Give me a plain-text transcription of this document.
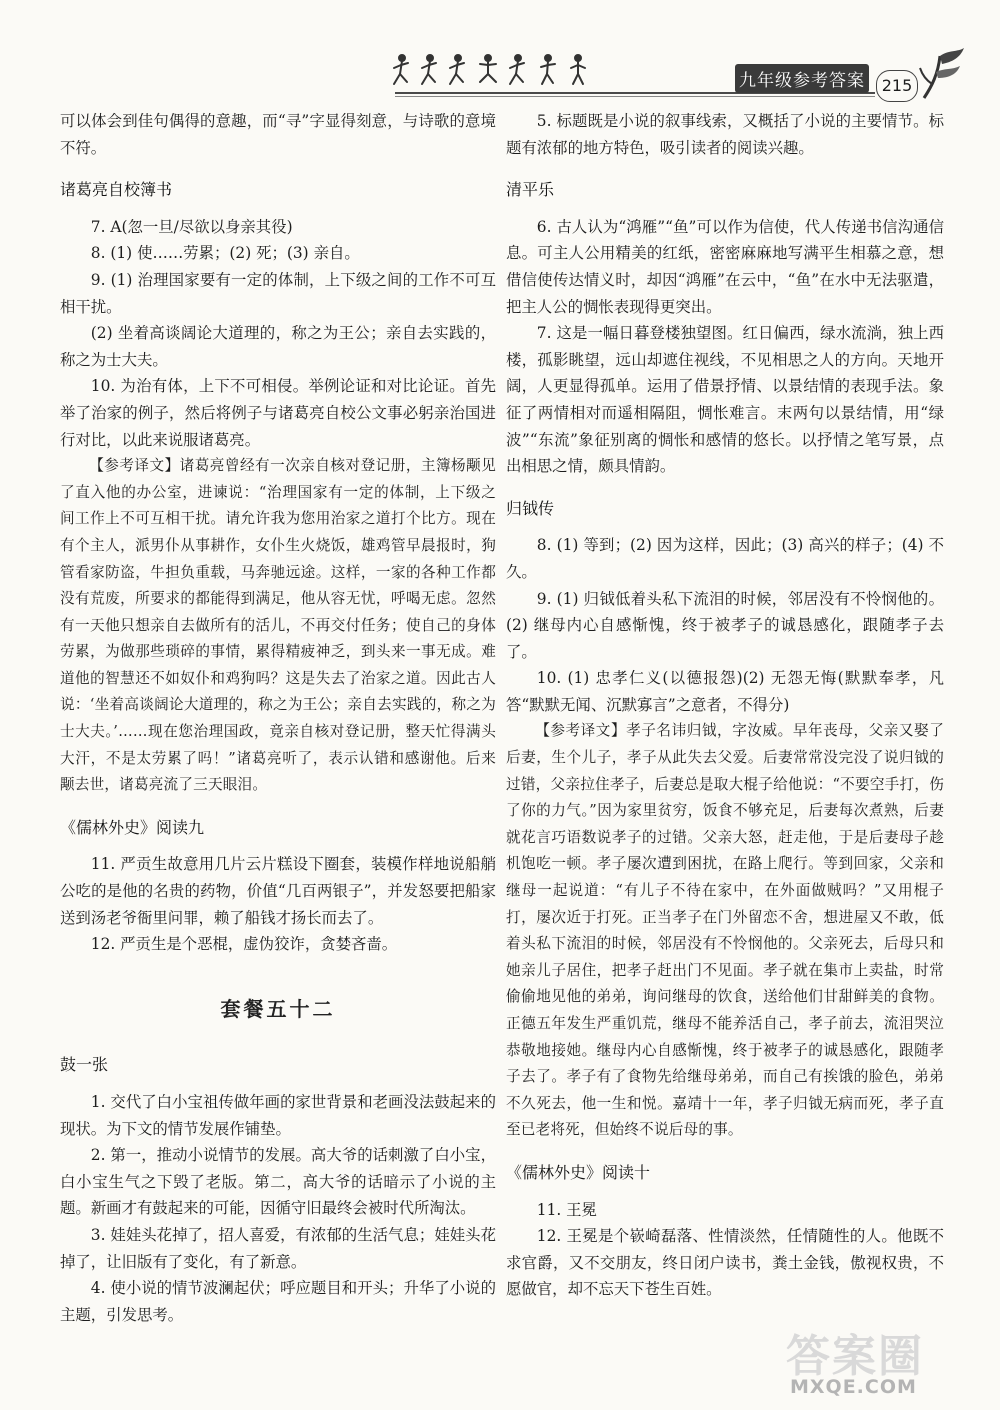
九年级参考答案	215

可以体会到佳句偶得的意趣，而“寻”字显得刻意，与诗歌的意境不符。

诸葛亮自校簿书

7. A(忽一旦/尽欲以身亲其役)

8. (1) 使……劳累；(2) 死；(3) 亲自。

9. (1) 治理国家要有一定的体制，上下级之间的工作不可互相干扰。

(2) 坐着高谈阔论大道理的，称之为王公；亲自去实践的，称之为士大夫。

10. 为治有体，上下不可相侵。举例论证和对比论证。首先举了治家的例子，然后将例子与诸葛亮自校公文事必躬亲治国进行对比，以此来说服诸葛亮。

【参考译文】诸葛亮曾经有一次亲自核对登记册，主簿杨颙见了直入他的办公室，进谏说：“治理国家有一定的体制，上下级之间工作上不可互相干扰。请允许我为您用治家之道打个比方。现在有个主人，派男仆从事耕作，女仆生火烧饭，雄鸡管早晨报时，狗管看家防盗，牛担负重载，马奔驰远途。这样，一家的各种工作都没有荒废，所要求的都能得到满足，他从容无忧，呼喝无虑。忽然有一天他只想亲自去做所有的活儿，不再交付任务；使自己的身体劳累，为做那些琐碎的事情，累得精疲神乏，到头来一事无成。难道他的智慧还不如奴仆和鸡狗吗？这是失去了治家之道。因此古人说：‘坐着高谈阔论大道理的，称之为王公；亲自去实践的，称之为士大夫。’……现在您治理国政，竟亲自核对登记册，整天忙得满头大汗，不是太劳累了吗！”诸葛亮听了，表示认错和感谢他。后来颙去世，诸葛亮流了三天眼泪。

《儒林外史》阅读九

11. 严贡生故意用几片云片糕设下圈套，装模作样地说船艄公吃的是他的名贵的药物，价值“几百两银子”，并发怒要把船家送到汤老爷衙里问罪，赖了船钱才扬长而去了。

12. 严贡生是个恶棍，虚伪狡诈，贪婪吝啬。

套餐五十二
鼓一张

1. 交代了白小宝祖传做年画的家世背景和老画没法鼓起来的现状。为下文的情节发展作铺垫。

2. 第一，推动小说情节的发展。高大爷的话刺激了白小宝，白小宝生气之下毁了老版。第二，高大爷的话暗示了小说的主题。新画才有鼓起来的可能，因循守旧最终会被时代所淘汰。

3. 娃娃头花掉了，招人喜爱，有浓郁的生活气息；娃娃头花掉了，让旧版有了变化，有了新意。

4. 使小说的情节波澜起伏；呼应题目和开头；升华了小说的主题，引发思考。

5. 标题既是小说的叙事线索，又概括了小说的主要情节。标题有浓郁的地方特色，吸引读者的阅读兴趣。

清平乐

6. 古人认为“鸿雁”“鱼”可以作为信使，代人传递书信沟通信息。可主人公用精美的红纸，密密麻麻地写满平生相慕之意，想借信使传达情义时，却因“鸿雁”在云中，“鱼”在水中无法驱遣，把主人公的惆怅表现得更突出。

7. 这是一幅日暮登楼独望图。红日偏西，绿水流淌，独上西楼，孤影眺望，远山却遮住视线，不见相思之人的方向。天地开阔，人更显得孤单。运用了借景抒情、以景结情的表现手法。象征了两情相对而遥相隔阻，惆怅难言。末两句以景结情，用“绿波”“东流”象征别离的惆怅和感情的悠长。以抒情之笔写景，点出相思之情，颇具情韵。

归钺传

8. (1) 等到；(2) 因为这样，因此；(3) 高兴的样子；(4) 不久。

9. (1) 归钺低着头私下流泪的时候，邻居没有不怜悯他的。(2) 继母内心自感惭愧，终于被孝子的诚恳感化，跟随孝子去了。

10. (1) 忠孝仁义(以德报怨)(2) 无怨无悔(默默奉孝，凡答“默默无闻、沉默寡言”之意者，不得分)

【参考译文】孝子名讳归钺，字汝威。早年丧母，父亲又娶了后妻，生个儿子，孝子从此失去父爱。后妻常常没完没了说归钺的过错，父亲拉住孝子，后妻总是取大棍子给他说：“不要空手打，伤了你的力气。”因为家里贫穷，饭食不够充足，后妻每次煮熟，后妻就花言巧语数说孝子的过错。父亲大怒，赶走他，于是后妻母子趁机饱吃一顿。孝子屡次遭到困扰，在路上爬行。等到回家，父亲和继母一起说道：“有儿子不待在家中，在外面做贼吗？”又用棍子打，屡次近于打死。正当孝子在门外留恋不舍，想进屋又不敢，低着头私下流泪的时候，邻居没有不怜悯他的。父亲死去，后母只和她亲儿子居住，把孝子赶出门不见面。孝子就在集市上卖盐，时常偷偷地见他的弟弟，询问继母的饮食，送给他们甘甜鲜美的食物。正德五年发生严重饥荒，继母不能养活自己，孝子前去，流泪哭泣恭敬地接她。继母内心自感惭愧，终于被孝子的诚恳感化，跟随孝子去了。孝子有了食物先给继母弟弟，而自己有挨饿的脸色，弟弟不久死去，他一生和悦。嘉靖十一年，孝子归钺无病而死，孝子直至已老将死，但始终不说后母的事。

《儒林外史》阅读十

11. 王冕

12. 王冕是个嵚崎磊落、性情淡然，任情随性的人。他既不求官爵，又不交朋友，终日闭户读书，粪土金钱，傲视权贵，不愿做官，却不忘天下苍生百姓。

答案圈
MXQE.COM
